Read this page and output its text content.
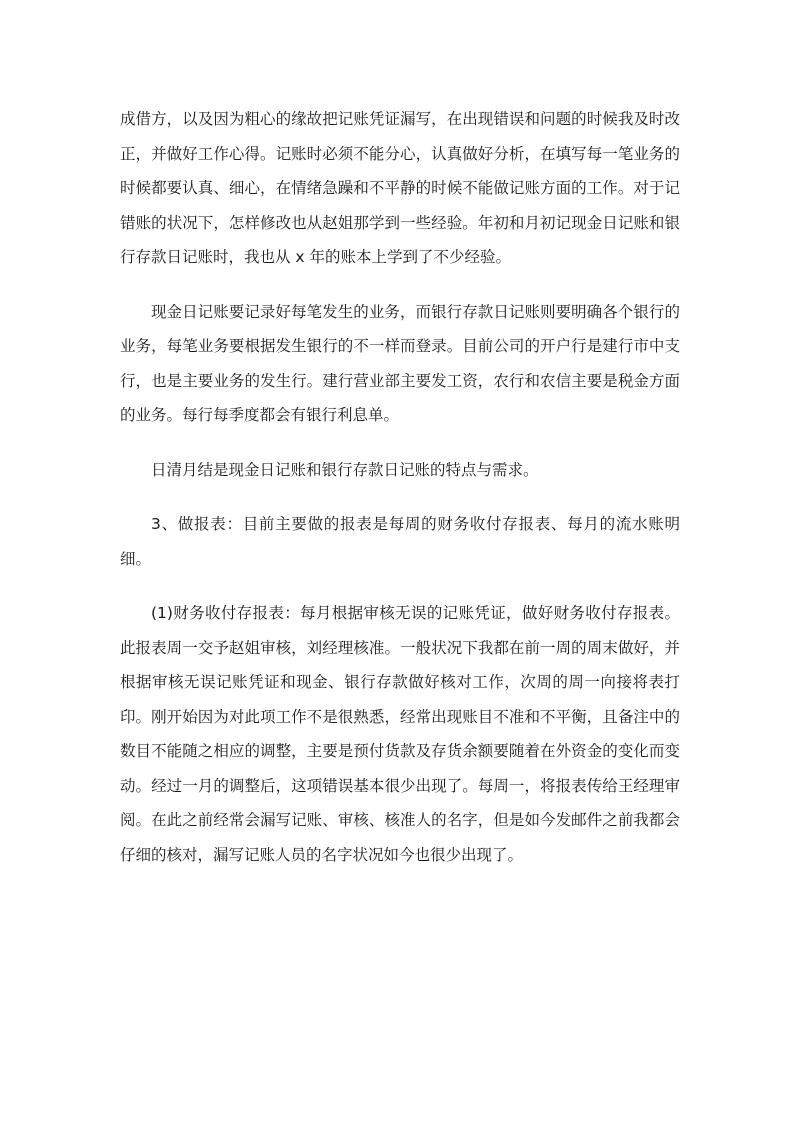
成借方，以及因为粗心的缘故把记账凭证漏写，在出现错误和问题的时候我及时改正，并做好工作心得。记账时必须不能分心，认真做好分析，在填写每一笔业务的时候都要认真、细心，在情绪急躁和不平静的时候不能做记账方面的工作。对于记错账的状况下，怎样修改也从赵姐那学到一些经验。年初和月初记现金日记账和银行存款日记账时，我也从 x 年的账本上学到了不少经验。

现金日记账要记录好每笔发生的业务，而银行存款日记账则要明确各个银行的业务，每笔业务要根据发生银行的不一样而登录。目前公司的开户行是建行市中支行，也是主要业务的发生行。建行营业部主要发工资，农行和农信主要是税金方面的业务。每行每季度都会有银行利息单。

日清月结是现金日记账和银行存款日记账的特点与需求。

3、做报表：目前主要做的报表是每周的财务收付存报表、每月的流水账明细。

(1)财务收付存报表：每月根据审核无误的记账凭证，做好财务收付存报表。此报表周一交予赵姐审核，刘经理核准。一般状况下我都在前一周的周末做好，并根据审核无误记账凭证和现金、银行存款做好核对工作，次周的周一向接将表打印。刚开始因为对此项工作不是很熟悉，经常出现账目不准和不平衡，且备注中的数目不能随之相应的调整，主要是预付货款及存货余额要随着在外资金的变化而变动。经过一月的调整后，这项错误基本很少出现了。每周一，将报表传给王经理审阅。在此之前经常会漏写记账、审核、核准人的名字，但是如今发邮件之前我都会仔细的核对，漏写记账人员的名字状况如今也很少出现了。
